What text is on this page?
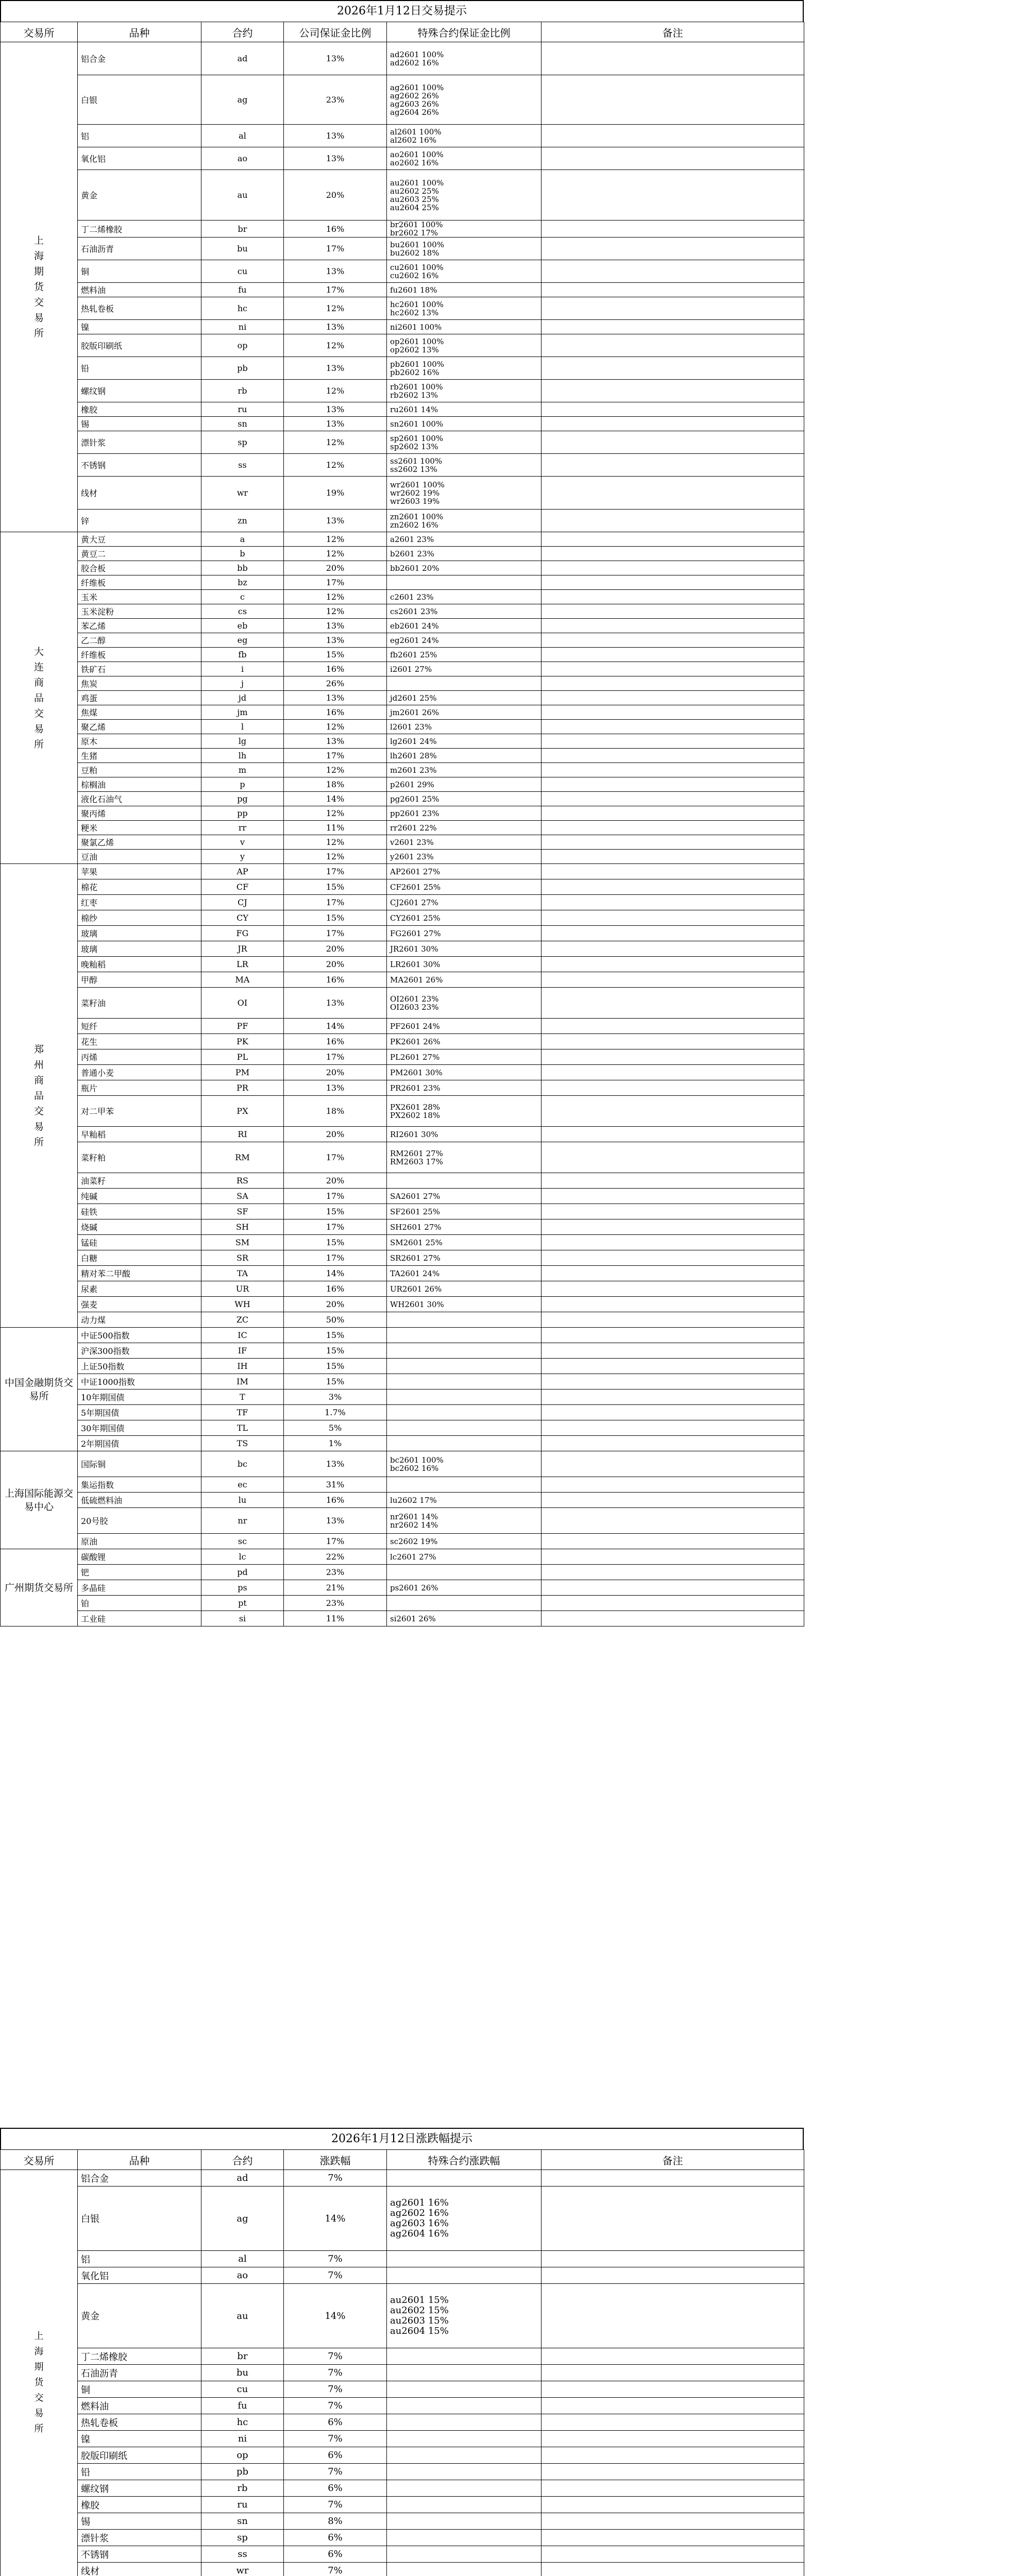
2026年1月12日交易提示
交易所	品种	合约	公司保证金比例	特殊合约保证金比例	备注
上海期货交易所	铝合金	ad	13%	ad2601 100%
ad2602 16%	

	白银	ag	23%	ag2601 100%
ag2602 26%
ag2603 26%
ag2604 26%	

	铝	al	13%	al2601 100%
al2602 16%	

	氧化铝	ao	13%	ao2601 100%
ao2602 16%	

	黄金	au	20%	au2601 100%
au2602 25%
au2603 25%
au2604 25%	

	丁二烯橡胶	br	16%	br2601 100%
br2602 17%	

	石油沥青	bu	17%	bu2601 100%
bu2602 18%	

	铜	cu	13%	cu2601 100%
cu2602 16%	

	燃料油	fu	17%	fu2601 18%	

	热轧卷板	hc	12%	hc2601 100%
hc2602 13%	

	镍	ni	13%	ni2601 100%	

	胶版印刷纸	op	12%	op2601 100%
op2602 13%	

	铅	pb	13%	pb2601 100%
pb2602 16%	

	螺纹钢	rb	12%	rb2601 100%
rb2602 13%	

	橡胶	ru	13%	ru2601 14%	

	锡	sn	13%	sn2601 100%	

	漂针浆	sp	12%	sp2601 100%
sp2602 13%	

	不锈钢	ss	12%	ss2601 100%
ss2602 13%	

	线材	wr	19%	wr2601 100%
wr2602 19%
wr2603 19%	

	锌	zn	13%	zn2601 100%
zn2602 16%	

大连商品交易所	黄大豆	a	12%	a2601 23%	

	黄豆二	b	12%	b2601 23%	

	胶合板	bb	20%	bb2601 20%	

	纤维板	bz	17%		
	玉米	c	12%	c2601 23%	

	玉米淀粉	cs	12%	cs2601 23%	

	苯乙烯	eb	13%	eb2601 24%	

	乙二醇	eg	13%	eg2601 24%	

	纤维板	fb	15%	fb2601 25%	

	铁矿石	i	16%	i2601 27%	

	焦炭	j	26%		
	鸡蛋	jd	13%	jd2601 25%	

	焦煤	jm	16%	jm2601 26%	

	聚乙烯	l	12%	l2601 23%	

	原木	lg	13%	lg2601 24%	

	生猪	lh	17%	lh2601 28%	

	豆粕	m	12%	m2601 23%	

	棕榈油	p	18%	p2601 29%	

	液化石油气	pg	14%	pg2601 25%	

	聚丙烯	pp	12%	pp2601 23%	

	粳米	rr	11%	rr2601 22%	

	聚氯乙烯	v	12%	v2601 23%	

	豆油	y	12%	y2601 23%	

郑州商品交易所	苹果	AP	17%	AP2601 27%	

	棉花	CF	15%	CF2601 25%	

	红枣	CJ	17%	CJ2601 27%	

	棉纱	CY	15%	CY2601 25%	

	玻璃	FG	17%	FG2601 27%	

	玻璃	JR	20%	JR2601 30%	

	晚籼稻	LR	20%	LR2601 30%	

	甲醇	MA	16%	MA2601 26%	

	菜籽油	OI	13%	OI2601 23%
OI2603 23%	

	短纤	PF	14%	PF2601 24%	

	花生	PK	16%	PK2601 26%	

	丙烯	PL	17%	PL2601 27%	

	普通小麦	PM	20%	PM2601 30%	

	瓶片	PR	13%	PR2601 23%	

	对二甲苯	PX	18%	PX2601 28%
PX2602 18%	

	早籼稻	RI	20%	RI2601 30%	

	菜籽粕	RM	17%	RM2601 27%
RM2603 17%	

	油菜籽	RS	20%		
	纯碱	SA	17%	SA2601 27%	

	硅铁	SF	15%	SF2601 25%	

	烧碱	SH	17%	SH2601 27%	

	锰硅	SM	15%	SM2601 25%	

	白糖	SR	17%	SR2601 27%	

	精对苯二甲酸	TA	14%	TA2601 24%	

	尿素	UR	16%	UR2601 26%	

	强麦	WH	20%	WH2601 30%	

	动力煤	ZC	50%		
中国金融期货交易所	中证500指数	IC	15%		
	沪深300指数	IF	15%		
	上证50指数	IH	15%		
	中证1000指数	IM	15%		
	10年期国债	T	3%		
	5年期国债	TF	1.7%		
	30年期国债	TL	5%		
	2年期国债	TS	1%		
上海国际能源交易中心	国际铜	bc	13%	bc2601 100%
bc2602 16%	

	集运指数	ec	31%		
	低硫燃料油	lu	16%	lu2602 17%	

	20号胶	nr	13%	nr2601 14%
nr2602 14%	

	原油	sc	17%	sc2602 19%	

广州期货交易所	碳酸锂	lc	22%	lc2601 27%	

	钯	pd	23%		
	多晶硅	ps	21%	ps2601 26%	

	铂	pt	23%		
	工业硅	si	11%	si2601 26%	

2026年1月12日涨跌幅提示
交易所	品种	合约	涨跌幅	特殊合约涨跌幅	备注
上海期货交易所	铝合金	ad	7%		
	白银	ag	14%	ag2601 16%
ag2602 16%
ag2603 16%
ag2604 16%	

	铝	al	7%		
	氧化铝	ao	7%		
	黄金	au	14%	au2601 15%
au2602 15%
au2603 15%
au2604 15%	

	丁二烯橡胶	br	7%		
	石油沥青	bu	7%		
	铜	cu	7%		
	燃料油	fu	7%		
	热轧卷板	hc	6%		
	镍	ni	7%		
	胶版印刷纸	op	6%		
	铅	pb	7%		
	螺纹钢	rb	6%		
	橡胶	ru	7%		
	锡	sn	8%		
	漂针浆	sp	6%		
	不锈钢	ss	6%		
	线材	wr	7%		
